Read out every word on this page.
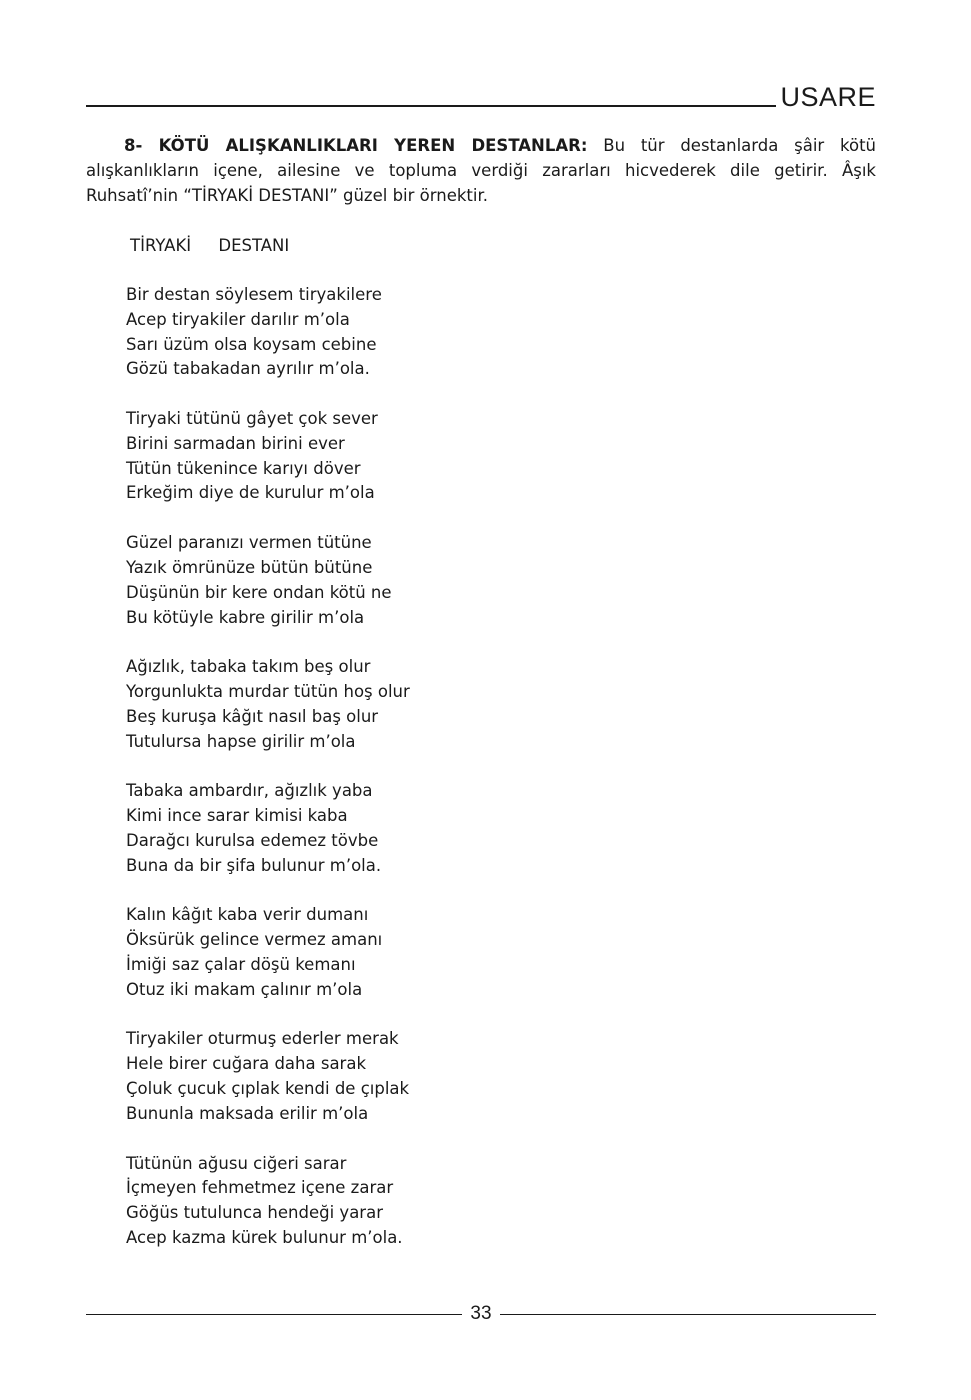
USARE

8- KÖTÜ ALIŞKANLIKLARI YEREN DESTANLAR: Bu tür destanlarda şâir kötü alışkanlıkların içene, ailesine ve topluma verdiği zararları hicvederek dile getirir. Âşık Ruhsatî’nin “TİRYAKİ DESTANI” güzel bir örnektir.

TİRYAKİ DESTANI

Bir destan söylesem tiryakilere
Acep tiryakiler darılır m’ola
Sarı üzüm olsa koysam cebine
Gözü tabakadan ayrılır m’ola.
Tiryaki tütünü gâyet çok sever
Birini sarmadan birini ever
Tütün tükenince karıyı döver
Erkeğim diye de kurulur m’ola
Güzel paranızı vermen tütüne
Yazık ömrünüze bütün bütüne
Düşünün bir kere ondan kötü ne
Bu kötüyle kabre girilir m’ola
Ağızlık, tabaka takım beş olur
Yorgunlukta murdar tütün hoş olur
Beş kuruşa kâğıt nasıl baş olur
Tutulursa hapse girilir m’ola
Tabaka ambardır, ağızlık yaba
Kimi ince sarar kimisi kaba
Darağcı kurulsa edemez tövbe
Buna da bir şifa bulunur m’ola.
Kalın kâğıt kaba verir dumanı
Öksürük gelince vermez amanı
İmiği saz çalar döşü kemanı
Otuz iki makam çalınır m’ola
Tiryakiler oturmuş ederler merak
Hele birer cuğara daha sarak
Çoluk çucuk çıplak kendi de çıplak
Bununla maksada erilir m’ola
Tütünün ağusu ciğeri sarar
İçmeyen fehmetmez içene zarar
Göğüs tutulunca hendeği yarar
Acep kazma kürek bulunur m’ola.
33
